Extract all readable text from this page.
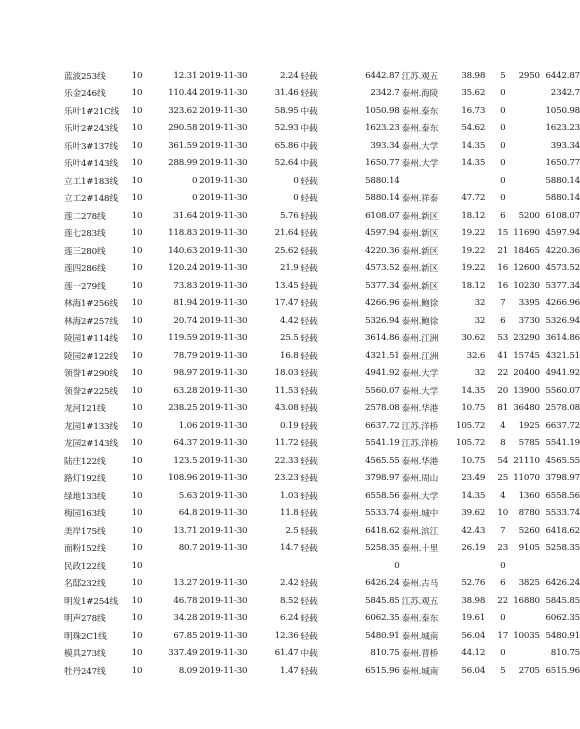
蓝波253线	10	12.31	2019-11-30	2.24	轻载	6442.87	江苏.观五	38.98	5	2950	6442.87
乐金246线	10	110.44	2019-11-30	31.46	轻载	2342.7	泰州.海陵	35.62	0		2342.7
乐叶1#21C线	10	323.62	2019-11-30	58.95	中载	1050.98	泰州.泰东	16.73	0		1050.98
乐叶2#243线	10	290.58	2019-11-30	52.93	中载	1623.23	泰州.泰东	54.62	0		1623.23
乐叶3#137线	10	361.59	2019-11-30	65.86	中载	393.34	泰州.大学	14.35	0		393.34
乐叶4#143线	10	288.99	2019-11-30	52.64	中载	1650.77	泰州.大学	14.35	0		1650.77
立工1#183线	10	0	2019-11-30	0	轻载	5880.14			0		5880.14
立工2#148线	10	0	2019-11-30	0	轻载	5880.14	泰州.祥泰	47.72	0		5880.14
莲二278线	10	31.64	2019-11-30	5.76	轻载	6108.07	泰州.新区	18.12	6	5200	6108.07
莲七283线	10	118.83	2019-11-30	21.64	轻载	4597.94	泰州.新区	19.22	15	11690	4597.94
莲三280线	10	140.63	2019-11-30	25.62	轻载	4220.36	泰州.新区	19.22	21	18465	4220.36
莲四286线	10	120.24	2019-11-30	21.9	轻载	4573.52	泰州.新区	19.22	16	12600	4573.52
莲一279线	10	73.83	2019-11-30	13.45	轻载	5377.34	泰州.新区	18.12	16	10230	5377.34
林海1#256线	10	81.94	2019-11-30	17.47	轻载	4266.96	泰州.鲍徐	32	7	3395	4266.96
林海2#257线	10	20.74	2019-11-30	4.42	轻载	5326.94	泰州.鲍徐	32	6	3730	5326.94
陵园1#114线	10	119.59	2019-11-30	25.5	轻载	3614.86	泰州.江洲	30.62	53	23290	3614.86
陵园2#122线	10	78.79	2019-11-30	16.8	轻载	4321.51	泰州.江洲	32.6	41	15745	4321.51
领誉1#290线	10	98.97	2019-11-30	18.03	轻载	4941.92	泰州.大学	32	22	20400	4941.92
领誉2#225线	10	63.28	2019-11-30	11.53	轻载	5560.07	泰州.大学	14.35	20	13900	5560.07
龙河121线	10	238.25	2019-11-30	43.08	轻载	2578.08	泰州.华港	10.75	81	36480	2578.08
龙园1#133线	10	1.06	2019-11-30	0.19	轻载	6637.72	江苏.洋桥	105.72	4	1925	6637.72
龙园2#143线	10	64.37	2019-11-30	11.72	轻载	5541.19	江苏.洋桥	105.72	8	5785	5541.19
陆庄122线	10	123.5	2019-11-30	22.33	轻载	4565.55	泰州.华港	10.75	54	21110	4565.55
路灯192线	10	108.96	2019-11-30	23.23	轻载	3798.97	泰州.周山	23.49	25	11070	3798.97
绿地133线	10	5.63	2019-11-30	1.03	轻载	6558.56	泰州.大学	14.35	4	1360	6558.56
梅园163线	10	64.8	2019-11-30	11.8	轻载	5533.74	泰州.城中	39.62	10	8780	5533.74
美岸175线	10	13.71	2019-11-30	2.5	轻载	6418.62	泰州.滨江	42.43	7	5260	6418.62
面粉152线	10	80.7	2019-11-30	14.7	轻载	5258.35	泰州.十里	26.19	23	9105	5258.35
民政122线	10					0			0		
名邸232线	10	13.27	2019-11-30	2.42	轻载	6426.24	泰州.古马	52.76	6	3825	6426.24
明发1#254线	10	46.78	2019-11-30	8.52	轻载	5845.85	江苏.观五	38.98	22	16880	5845.85
明声278线	10	34.28	2019-11-30	6.24	轻载	6062.35	泰州.泰东	19.61	0		6062.35
明珠2C1线	10	67.85	2019-11-30	12.36	轻载	5480.91	泰州.城南	56.04	17	10035	5480.91
模具273线	10	337.49	2019-11-30	61.47	中载	810.75	泰州.晋桥	44.12	0		810.75
牡丹247线	10	8.09	2019-11-30	1.47	轻载	6515.96	泰州.城南	56.04	5	2705	6515.96
